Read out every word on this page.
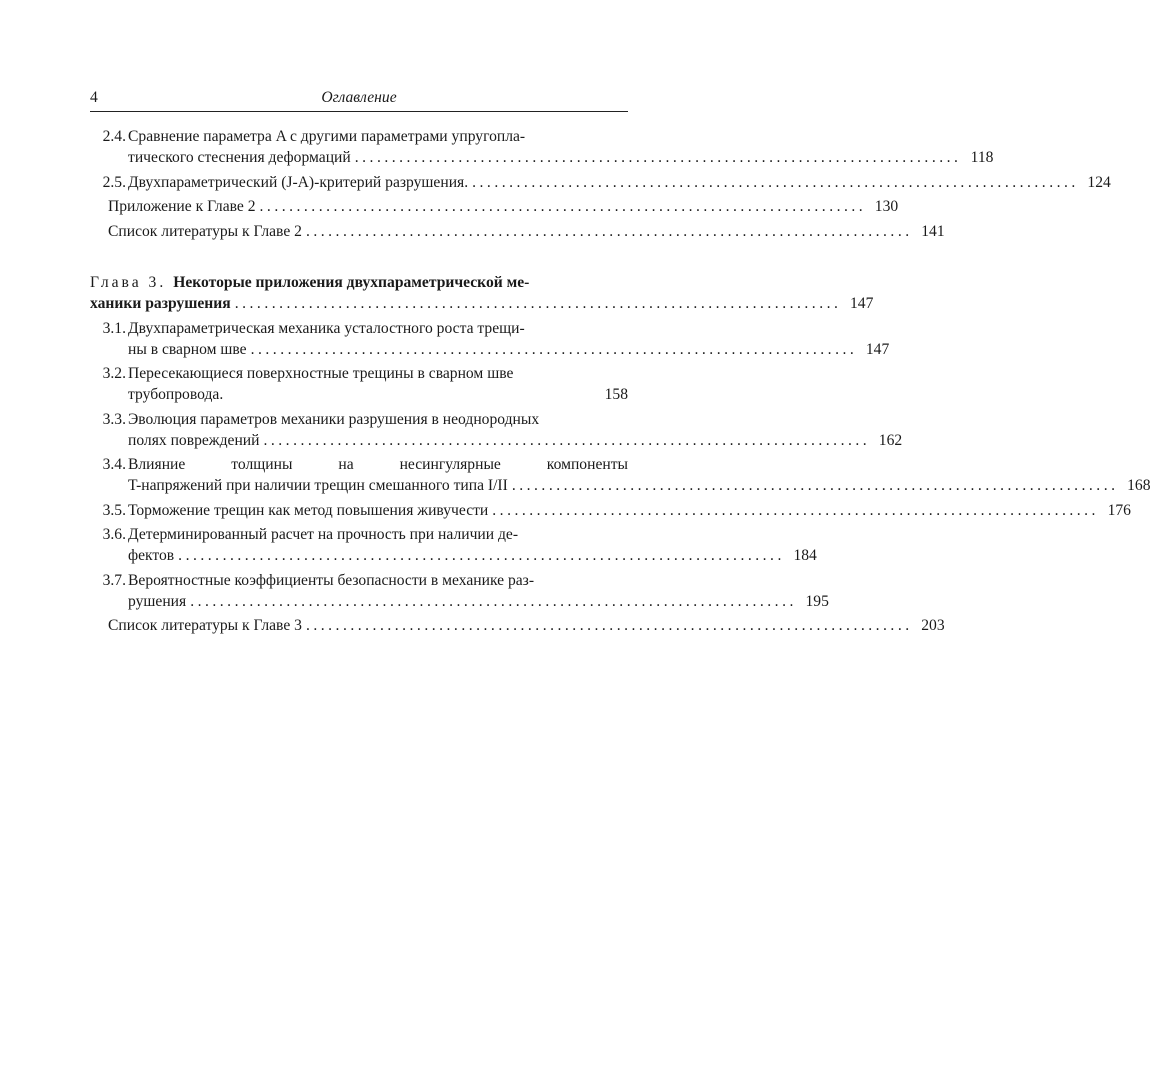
4	Оглавление
2.4. Сравнение параметра A с другими параметрами упругопла-
тического стеснения деформаций .................................................................................. 118
2.5. Двухпараметрический (J-A)-критерий разрушения. .................................................................................. 124
Приложение к Главе 2 .................................................................................. 130
Список литературы к Главе 2 .................................................................................. 141
Глава 3. Некоторые приложения двухпараметрической ме-
ханики разрушения .................................................................................. 147
3.1. Двухпараметрическая механика усталостного роста трещи-
ны в сварном шве .................................................................................. 147
3.2. Пересекающиеся поверхностные трещины в сварном шве
трубопровода.	158
3.3. Эволюция параметров механики разрушения в неоднородных
полях повреждений .................................................................................. 162
3.4. Влияние толщины на несингулярные компоненты
T-напряжений при наличии трещин смешанного типа I/II .................................................................................. 168
3.5. Торможение трещин как метод повышения живучести .................................................................................. 176
3.6. Детерминированный расчет на прочность при наличии де-
фектов .................................................................................. 184
3.7. Вероятностные коэффициенты безопасности в механике раз-
рушения .................................................................................. 195
Список литературы к Главе 3 .................................................................................. 203
